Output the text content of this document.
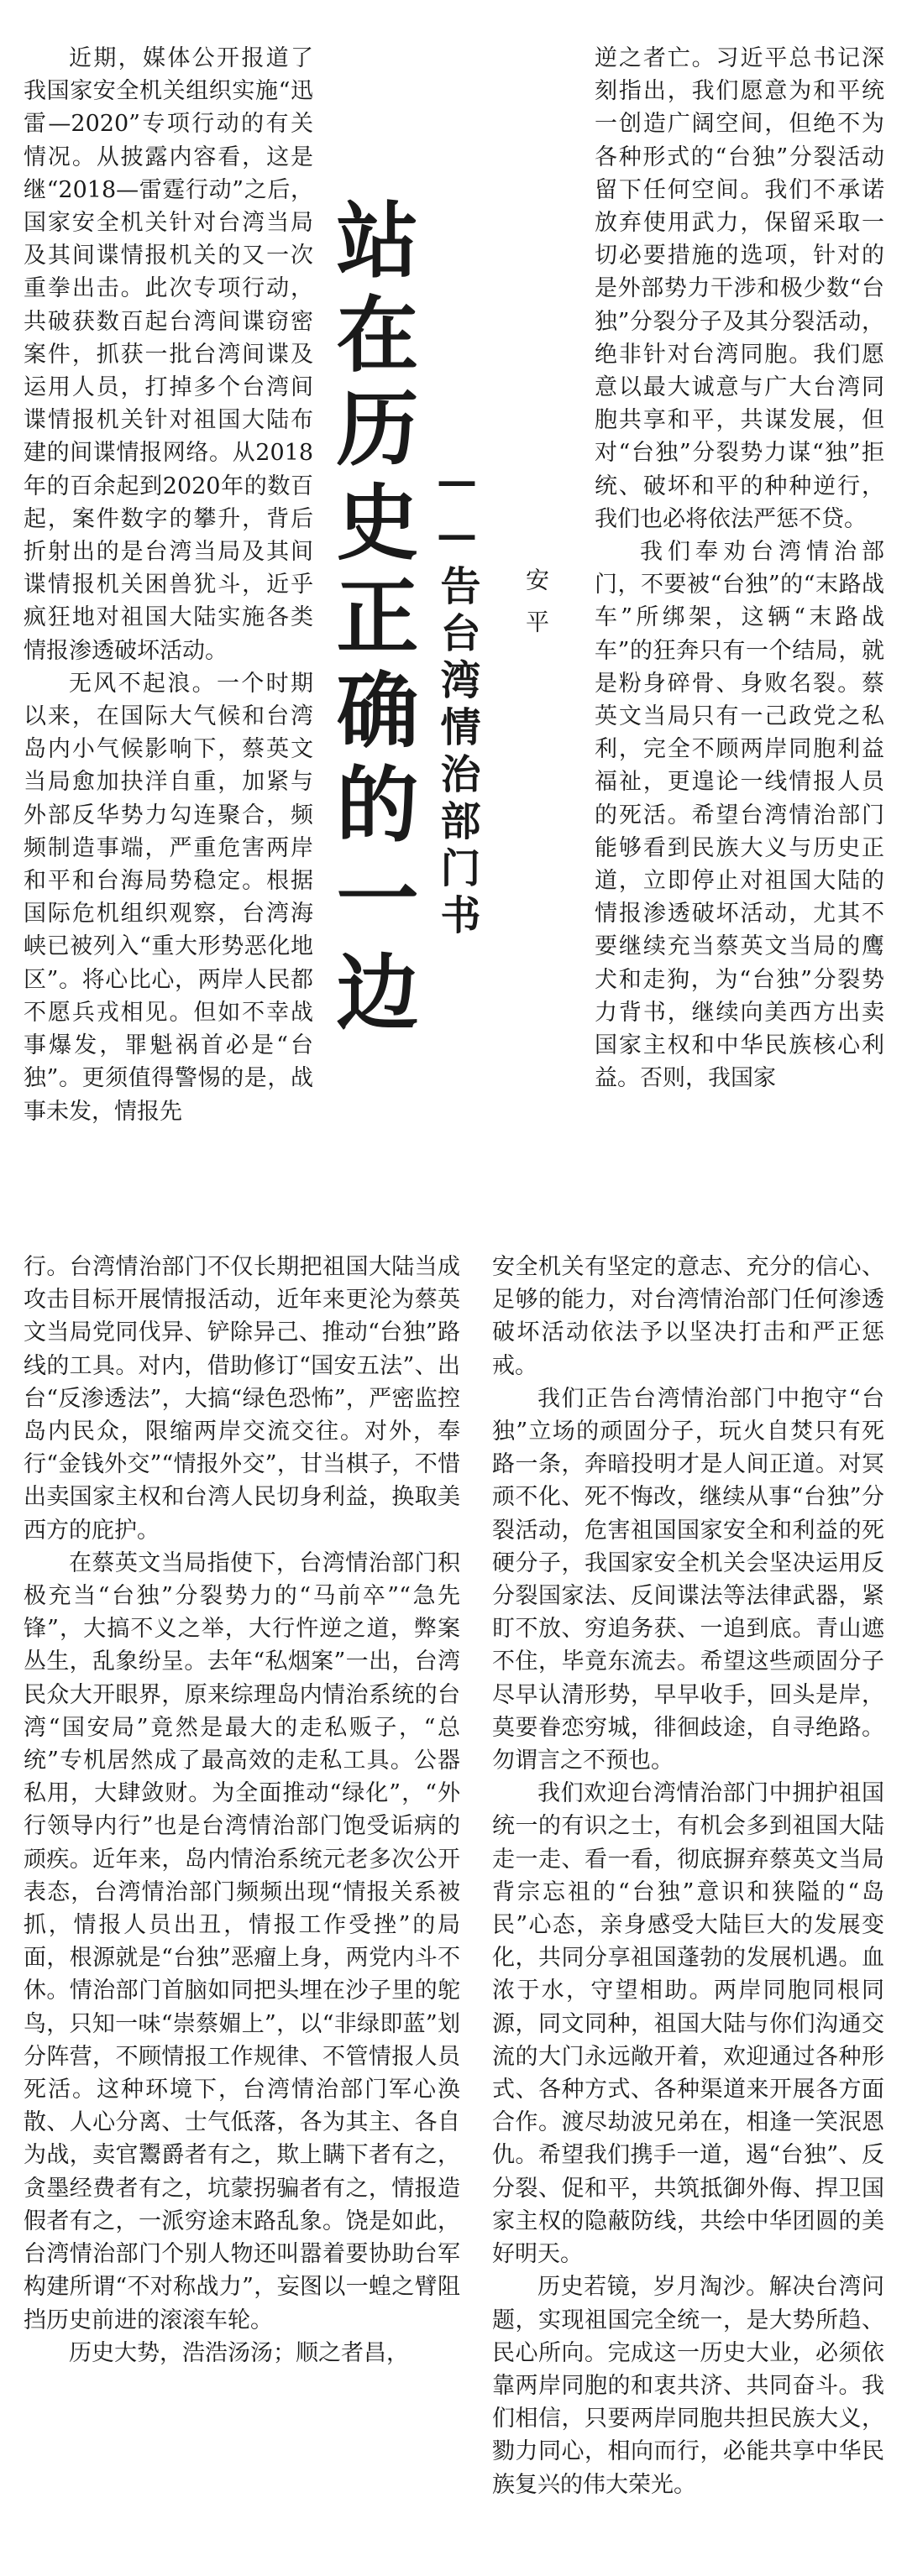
站在历史正确的一边 ——告台湾情治部门书 安平

近期，媒体公开报道了我国家安全机关组织实施“迅雷—2020”专项行动的有关情况。从披露内容看，这是继“2018—雷霆行动”之后，国家安全机关针对台湾当局及其间谍情报机关的又一次重拳出击。此次专项行动，共破获数百起台湾间谍窃密案件，抓获一批台湾间谍及运用人员，打掉多个台湾间谍情报机关针对祖国大陆布建的间谍情报网络。从2018年的百余起到2020年的数百起，案件数字的攀升，背后折射出的是台湾当局及其间谍情报机关困兽犹斗，近乎疯狂地对祖国大陆实施各类情报渗透破坏活动。

无风不起浪。一个时期以来，在国际大气候和台湾岛内小气候影响下，蔡英文当局愈加抉洋自重，加紧与外部反华势力勾连聚合，频频制造事端，严重危害两岸和平和台海局势稳定。根据国际危机组织观察，台湾海峡已被列入“重大形势恶化地区”。将心比心，两岸人民都不愿兵戎相见。但如不幸战事爆发，罪魁祸首必是“台独”。更须值得警惕的是，战事未发，情报先

行。台湾情治部门不仅长期把祖国大陆当成攻击目标开展情报活动，近年来更沦为蔡英文当局党同伐异、铲除异己、推动“台独”路线的工具。对内，借助修订“国安五法”、出台“反渗透法”，大搞“绿色恐怖”，严密监控岛内民众，限缩两岸交流交往。对外，奉行“金钱外交”“情报外交”，甘当棋子，不惜出卖国家主权和台湾人民切身利益，换取美西方的庇护。

在蔡英文当局指使下，台湾情治部门积极充当“台独”分裂势力的“马前卒”“急先锋”，大搞不义之举，大行忤逆之道，弊案丛生，乱象纷呈。去年“私烟案”一出，台湾民众大开眼界，原来综理岛内情治系统的台湾“国安局”竟然是最大的走私贩子，“总统”专机居然成了最高效的走私工具。公器私用，大肆敛财。为全面推动“绿化”，“外行领导内行”也是台湾情治部门饱受诟病的顽疾。近年来，岛内情治系统元老多次公开表态，台湾情治部门频频出现“情报关系被抓，情报人员出丑，情报工作受挫”的局面，根源就是“台独”恶瘤上身，两党内斗不休。情治部门首脑如同把头埋在沙子里的鸵鸟，只知一味“崇蔡媚上”，以“非绿即蓝”划分阵营，不顾情报工作规律、不管情报人员死活。这种环境下，台湾情治部门军心涣散、人心分离、士气低落，各为其主、各自为战，卖官鬻爵者有之，欺上瞒下者有之，贪墨经费者有之，坑蒙拐骗者有之，情报造假者有之，一派穷途末路乱象。饶是如此，台湾情治部门个别人物还叫嚣着要协助台军构建所谓“不对称战力”，妄图以一蝗之臂阻挡历史前进的滚滚车轮。

历史大势，浩浩汤汤；顺之者昌，

逆之者亡。习近平总书记深刻指出，我们愿意为和平统一创造广阔空间，但绝不为各种形式的“台独”分裂活动留下任何空间。我们不承诺放弃使用武力，保留采取一切必要措施的选项，针对的是外部势力干涉和极少数“台独”分裂分子及其分裂活动，绝非针对台湾同胞。我们愿意以最大诚意与广大台湾同胞共享和平，共谋发展，但对“台独”分裂势力谋“独”拒统、破坏和平的种种逆行，我们也必将依法严惩不贷。

我们奉劝台湾情治部门，不要被“台独”的“末路战车”所绑架，这辆“末路战车”的狂奔只有一个结局，就是粉身碎骨、身败名裂。蔡英文当局只有一己政党之私利，完全不顾两岸同胞利益福祉，更遑论一线情报人员的死活。希望台湾情治部门能够看到民族大义与历史正道，立即停止对祖国大陆的情报渗透破坏活动，尤其不要继续充当蔡英文当局的鹰犬和走狗，为“台独”分裂势力背书，继续向美西方出卖国家主权和中华民族核心利益。否则，我国家

安全机关有坚定的意志、充分的信心、足够的能力，对台湾情治部门任何渗透破坏活动依法予以坚决打击和严正惩戒。

我们正告台湾情治部门中抱守“台独”立场的顽固分子，玩火自焚只有死路一条，奔暗投明才是人间正道。对冥顽不化、死不悔改，继续从事“台独”分裂活动，危害祖国国家安全和利益的死硬分子，我国家安全机关会坚决运用反分裂国家法、反间谍法等法律武器，紧盯不放、穷追务获、一追到底。青山遮不住，毕竟东流去。希望这些顽固分子尽早认清形势，早早收手，回头是岸，莫要眷恋穷城，徘徊歧途，自寻绝路。勿谓言之不预也。

我们欢迎台湾情治部门中拥护祖国统一的有识之士，有机会多到祖国大陆走一走、看一看，彻底摒弃蔡英文当局背宗忘祖的“台独”意识和狭隘的“岛民”心态，亲身感受大陆巨大的发展变化，共同分享祖国蓬勃的发展机遇。血浓于水，守望相助。两岸同胞同根同源，同文同种，祖国大陆与你们沟通交流的大门永远敞开着，欢迎通过各种形式、各种方式、各种渠道来开展各方面合作。渡尽劫波兄弟在，相逢一笑泯恩仇。希望我们携手一道，遏“台独”、反分裂、促和平，共筑抵御外侮、捍卫国家主权的隐蔽防线，共绘中华团圆的美好明天。

历史若镜，岁月淘沙。解决台湾问题，实现祖国完全统一，是大势所趋、民心所向。完成这一历史大业，必须依靠两岸同胞的和衷共济、共同奋斗。我们相信，只要两岸同胞共担民族大义，勠力同心，相向而行，必能共享中华民族复兴的伟大荣光。
